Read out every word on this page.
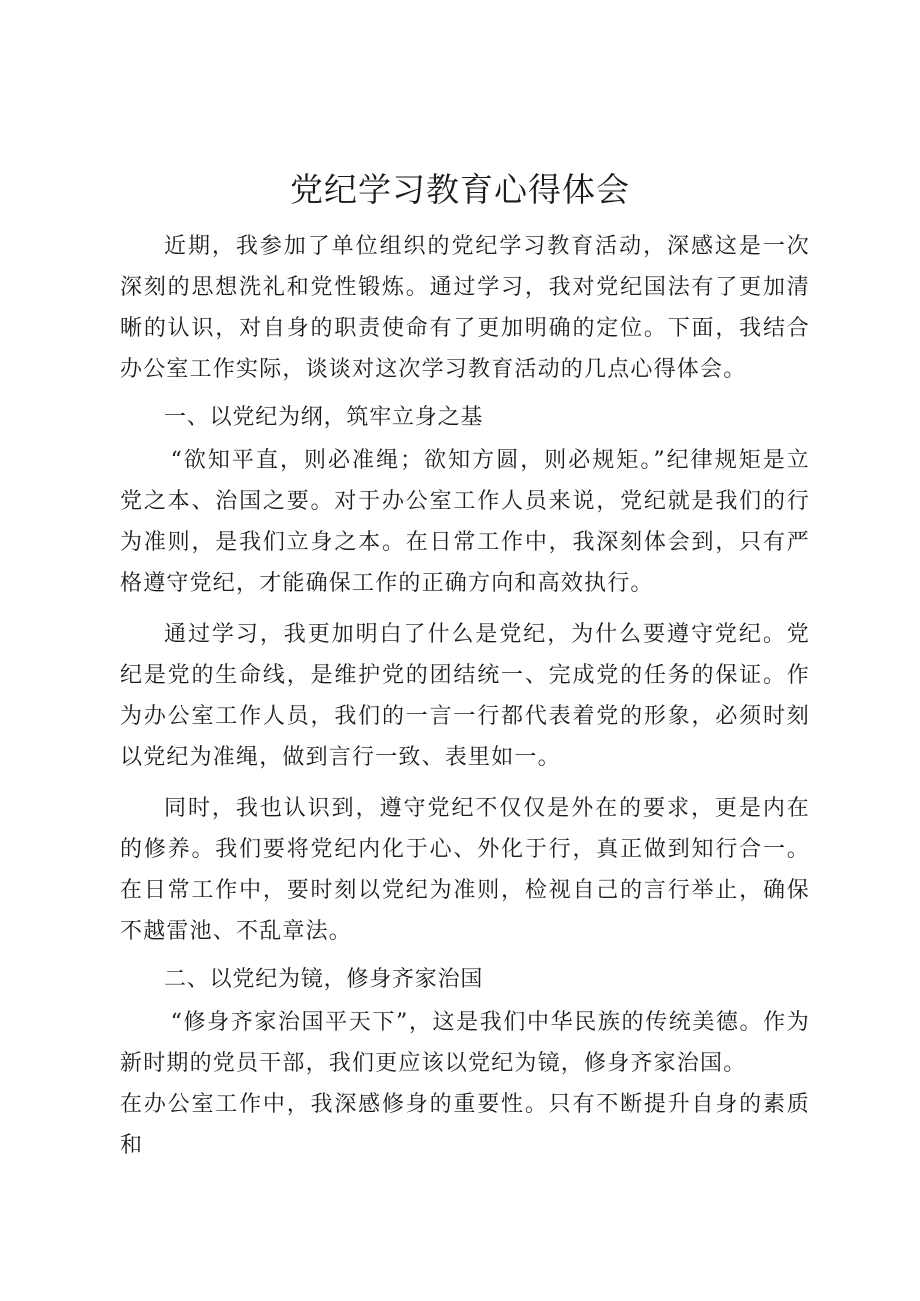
党纪学习教育心得体会

近期，我参加了单位组织的党纪学习教育活动，深感这是一次深刻的思想洗礼和党性锻炼。通过学习，我对党纪国法有了更加清晰的认识，对自身的职责使命有了更加明确的定位。下面，我结合办公室工作实际，谈谈对这次学习教育活动的几点心得体会。

一、以党纪为纲，筑牢立身之基

“欲知平直，则必准绳；欲知方圆，则必规矩。”纪律规矩是立党之本、治国之要。对于办公室工作人员来说，党纪就是我们的行为准则，是我们立身之本。在日常工作中，我深刻体会到，只有严格遵守党纪，才能确保工作的正确方向和高效执行。

通过学习，我更加明白了什么是党纪，为什么要遵守党纪。党纪是党的生命线，是维护党的团结统一、完成党的任务的保证。作为办公室工作人员，我们的一言一行都代表着党的形象，必须时刻以党纪为准绳，做到言行一致、表里如一。

同时，我也认识到，遵守党纪不仅仅是外在的要求，更是内在的修养。我们要将党纪内化于心、外化于行，真正做到知行合一。在日常工作中，要时刻以党纪为准则，检视自己的言行举止，确保不越雷池、不乱章法。

二、以党纪为镜，修身齐家治国

“修身齐家治国平天下”，这是我们中华民族的传统美德。作为新时期的党员干部，我们更应该以党纪为镜，修身齐家治国。

在办公室工作中，我深感修身的重要性。只有不断提升自身的素质和
